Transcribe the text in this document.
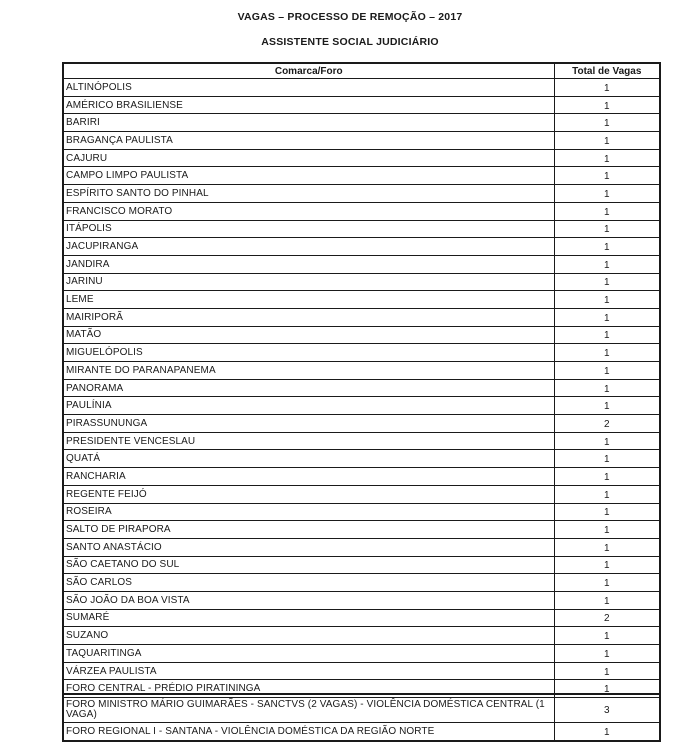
VAGAS – PROCESSO DE REMOÇÃO – 2017
ASSISTENTE SOCIAL JUDICIÁRIO
Comarca/Foro	Total de Vagas
ALTINÓPOLIS	1
AMÉRICO BRASILIENSE	1
BARIRI	1
BRAGANÇA PAULISTA	1
CAJURU	1
CAMPO LIMPO PAULISTA	1
ESPÍRITO SANTO DO PINHAL	1
FRANCISCO MORATO	1
ITÁPOLIS	1
JACUPIRANGA	1
JANDIRA	1
JARINU	1
LEME	1
MAIRIPORÃ	1
MATÃO	1
MIGUELÓPOLIS	1
MIRANTE DO PARANAPANEMA	1
PANORAMA	1
PAULÍNIA	1
PIRASSUNUNGA	2
PRESIDENTE VENCESLAU	1
QUATÁ	1
RANCHARIA	1
REGENTE FEIJÓ	1
ROSEIRA	1
SALTO DE PIRAPORA	1
SANTO ANASTÁCIO	1
SÃO CAETANO DO SUL	1
SÃO CARLOS	1
SÃO JOÃO DA BOA VISTA	1
SUMARÉ	2
SUZANO	1
TAQUARITINGA	1
VÁRZEA PAULISTA	1
FORO CENTRAL - PRÉDIO PIRATININGA	1
FORO MINISTRO MÁRIO GUIMARÃES - SANCTVS (2 VAGAS) - VIOLÊNCIA DOMÉSTICA CENTRAL (1 VAGA)	3
FORO REGIONAL I - SANTANA - VIOLÊNCIA DOMÉSTICA DA REGIÃO NORTE	1
